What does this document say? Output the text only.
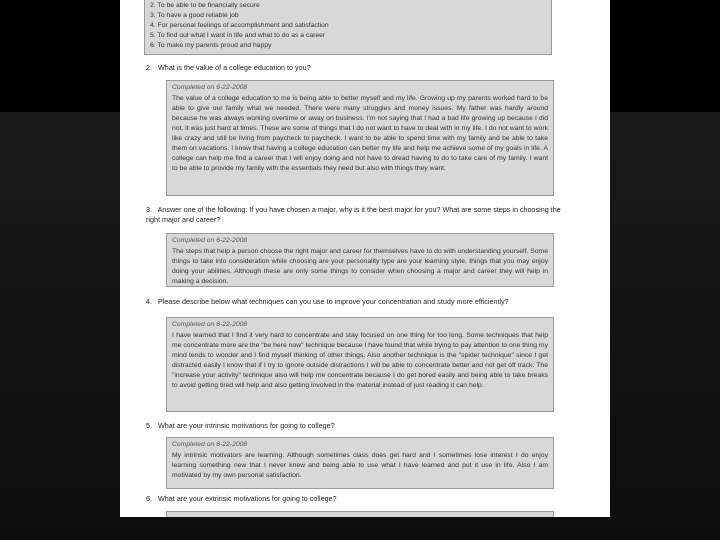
2. To be able to be financially secure
3. To have a good reliable job
4. For personal feelings of accomplishment and satisfaction
5. To find out what I want in life and what to do as a career
6. To make my parents proud and happy
2. What is the value of a college education to you?
Completed on 6-22-2008

The value of a college education to me is being able to better myself and my life. Growing up my parents worked hard to be able to give our family what we needed. There were many struggles and money issues. My father was hardly around because he was always working overtime or away on business. I'm not saying that I had a bad life growing up because I did not, it was just hard at times. These are some of things that I do not want to have to deal with in my life. I do not want to work like crazy and still be living from paycheck to paycheck. I want to be able to spend time with my family and be able to take them on vacations. I know that having a college education can better my life and help me achieve some of my goals in life. A college can help me find a career that I will enjoy doing and not have to dread having to do to take care of my family. I want to be able to provide my family with the essentials they need but also with things they want.

3. Answer one of the following: If you have chosen a major, why is it the best major for you? What are some steps in choosing the right major and career?
Completed on 6-22-2008

The steps that help a person choose the right major and career for themselves have to do with understanding yourself. Some things to take into consideration while choosing are your personality type are your learning style, things that you may enjoy doing your abilities. Although these are only some things to consider when choosing a major and career they will help in making a decision.

4. Please describe below what techniques can you use to improve your concentration and study more efficiently?
Completed on 6-22-2008

I have learned that I find it very hard to concentrate and stay focused on one thing for too long. Some techniques that help me concentrate more are the "be here now" technique because I have found that while trying to pay attention to one thing my mind tends to wonder and I find myself thinking of other things. Also another technique is the "spider technique" since I get distracted easily I know that if I try to ignore outside distractions I will be able to concentrate better and not get off track. The "increase your activity" technique also will help me concentrate because I do get bored easily and being able to take breaks to avoid getting tired will help and also getting involved in the material instead of just reading it can help.

5. What are your intrinsic motivations for going to college?
Completed on 6-22-2008

My intrinsic motivators are learning. Although sometimes class does get hard and I sometimes lose interest I do enjoy learning something new that I never knew and being able to use what I have learned and put it use in life. Also I am motivated by my own personal satisfaction.

6. What are your extrinsic motivations for going to college?
